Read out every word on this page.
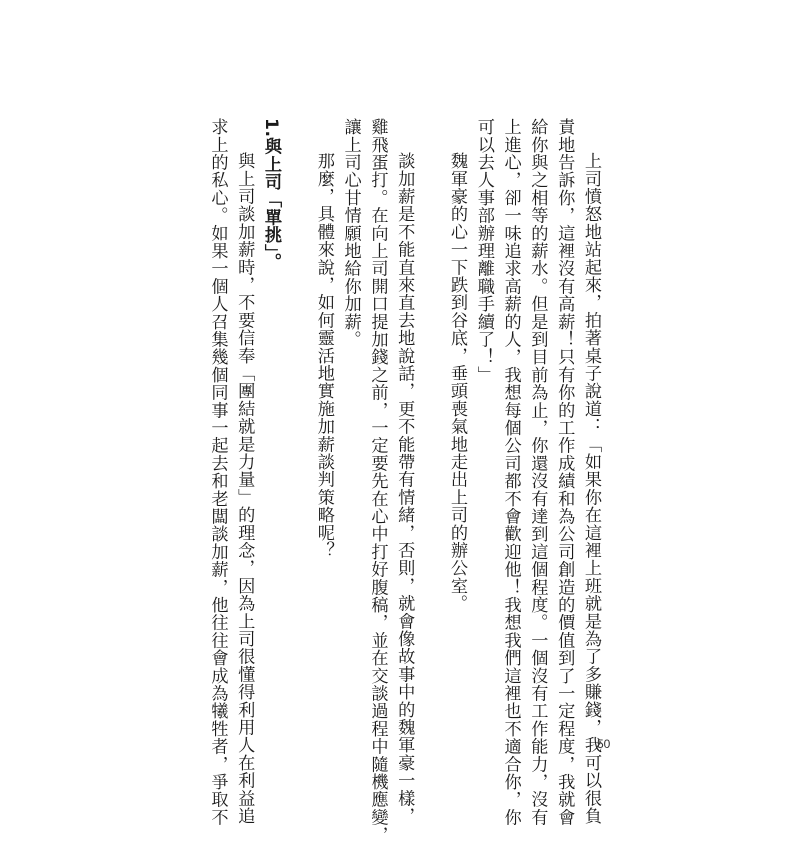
上司憤怒地站起來，拍著桌子說道：「如果你在這裡上班就是為了多賺錢，我可以很負
責地告訴你，這裡沒有高薪！只有你的工作成績和為公司創造的價值到了一定程度，我就會
給你與之相等的薪水。但是到目前為止，你還沒有達到這個程度。一個沒有工作能力，沒有
上進心，卻一味追求高薪的人，我想每個公司都不會歡迎他！我想我們這裡也不適合你，你
可以去人事部辦理離職手續了！」
魏軍豪的心一下跌到谷底，垂頭喪氣地走出上司的辦公室。
談加薪是不能直來直去地說話，更不能帶有情緒，否則，就會像故事中的魏軍豪一樣，
雞飛蛋打。在向上司開口提加錢之前，一定要先在心中打好腹稿，並在交談過程中隨機應變，
讓上司心甘情願地給你加薪。
那麼，具體來說，如何靈活地實施加薪談判策略呢？
1.與上司「單挑」。
與上司談加薪時，不要信奉「團結就是力量」的理念，因為上司很懂得利用人在利益追
求上的私心。如果一個人召集幾個同事一起去和老闆談加薪，他往往會成為犧牲者，爭取不	50
